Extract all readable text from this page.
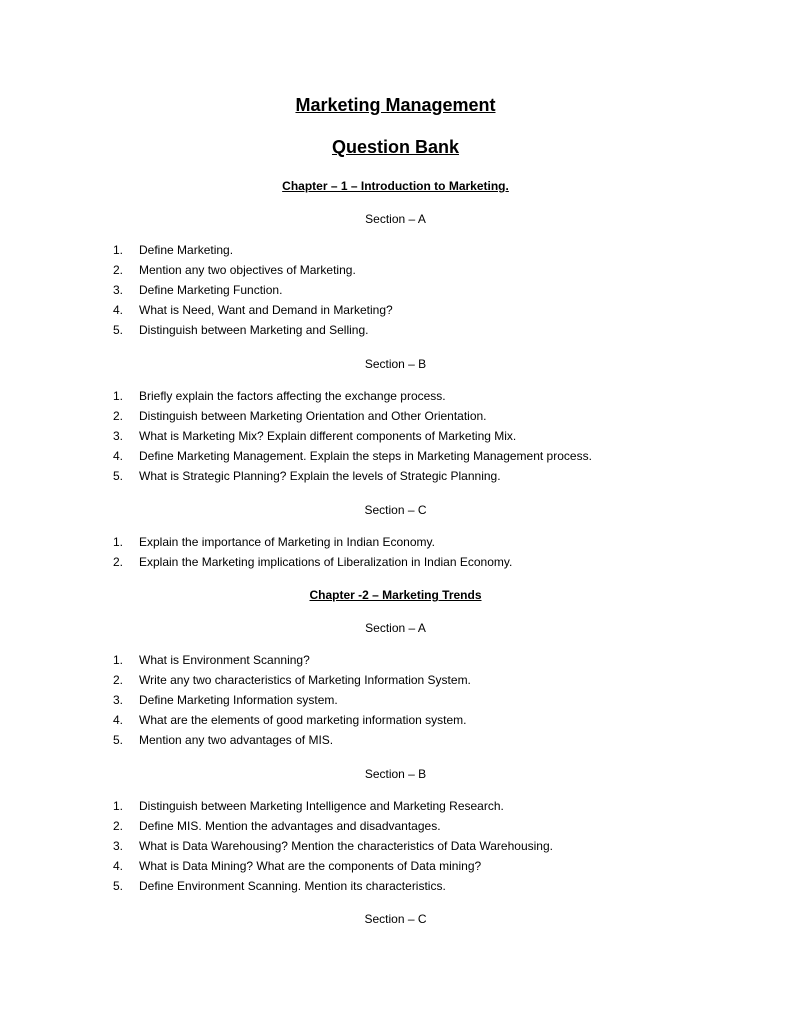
Marketing Management
Question Bank
Chapter – 1 – Introduction to Marketing.
Section – A
1.	Define Marketing.
2.	Mention any two objectives of Marketing.
3.	Define Marketing Function.
4.	What is Need, Want and Demand in Marketing?
5.	Distinguish between Marketing and Selling.
Section – B
1.	Briefly explain the factors affecting the exchange process.
2.	Distinguish between Marketing Orientation and Other Orientation.
3.	What is Marketing Mix? Explain different components of Marketing Mix.
4.	Define Marketing Management. Explain the steps in Marketing Management process.
5.	What is Strategic Planning? Explain the levels of Strategic Planning.
Section – C
1.	Explain the importance of Marketing in Indian Economy.
2.	Explain the Marketing implications of Liberalization in Indian Economy.
Chapter -2 – Marketing Trends
Section – A
1.	What is Environment Scanning?
2.	Write any two characteristics of Marketing Information System.
3.	Define Marketing Information system.
4.	What are the elements of good marketing information system.
5.	Mention any two advantages of MIS.
Section – B
1.	Distinguish between Marketing Intelligence and Marketing Research.
2.	Define MIS. Mention the advantages and disadvantages.
3.	What is Data Warehousing? Mention the characteristics of Data Warehousing.
4.	What is Data Mining? What are the components of Data mining?
5.	Define Environment Scanning. Mention its characteristics.
Section – C
